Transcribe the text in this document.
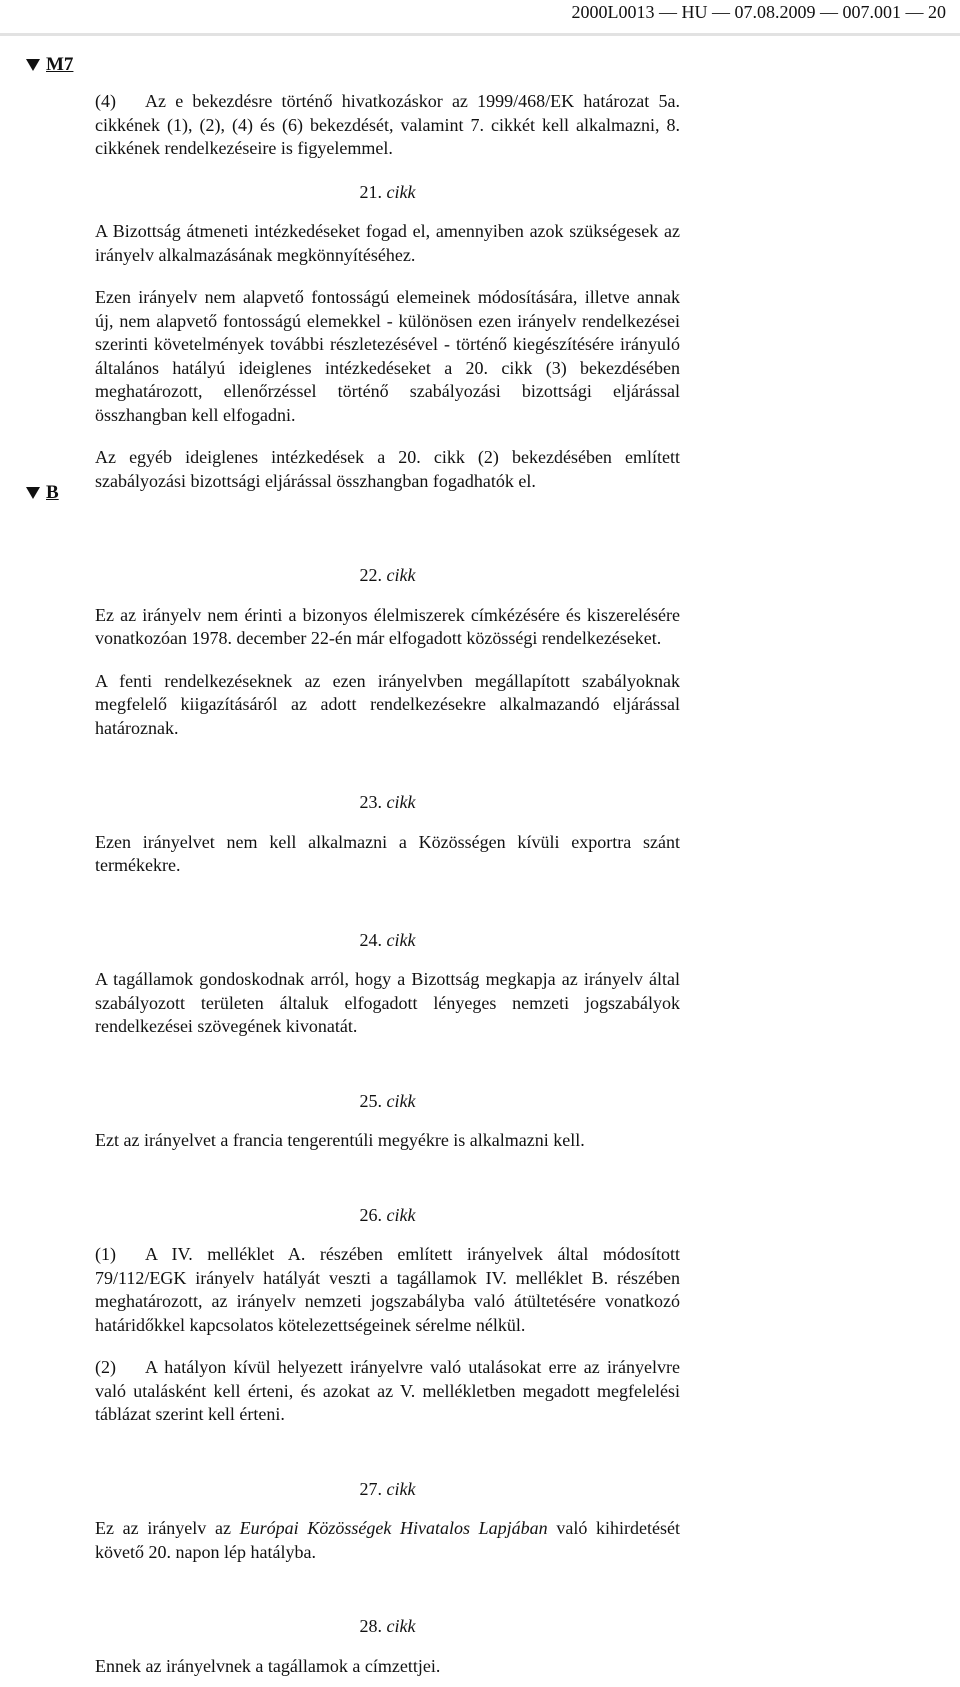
2000L0013 — HU — 07.08.2009 — 007.001 — 20
M7
B

(4) Az e bekezdésre történő hivatkozáskor az 1999/468/EK határozat 5a. cikkének (1), (2), (4) és (6) bekezdését, valamint 7. cikkét kell alkalmazni, 8. cikkének rendelkezéseire is figyelemmel.

21. cikk

A Bizottság átmeneti intézkedéseket fogad el, amennyiben azok szükségesek az irányelv alkalmazásának megkönnyítéséhez.

Ezen irányelv nem alapvető fontosságú elemeinek módosítására, illetve annak új, nem alapvető fontosságú elemekkel - különösen ezen irányelv rendelkezései szerinti követelmények további részletezésével - történő kiegészítésére irányuló általános hatályú ideiglenes intézkedéseket a 20. cikk (3) bekezdésében meghatározott, ellenőrzéssel történő szabályozási bizottsági eljárással összhangban kell elfogadni.

Az egyéb ideiglenes intézkedések a 20. cikk (2) bekezdésében említett szabályozási bizottsági eljárással összhangban fogadhatók el.

22. cikk

Ez az irányelv nem érinti a bizonyos élelmiszerek címkézésére és kiszerelésére vonatkozóan 1978. december 22-én már elfogadott közösségi rendelkezéseket.

A fenti rendelkezéseknek az ezen irányelvben megállapított szabályoknak megfelelő kiigazításáról az adott rendelkezésekre alkalmazandó eljárással határoznak.

23. cikk

Ezen irányelvet nem kell alkalmazni a Közösségen kívüli exportra szánt termékekre.

24. cikk

A tagállamok gondoskodnak arról, hogy a Bizottság megkapja az irányelv által szabályozott területen általuk elfogadott lényeges nemzeti jogszabályok rendelkezései szövegének kivonatát.

25. cikk

Ezt az irányelvet a francia tengerentúli megyékre is alkalmazni kell.

26. cikk

(1) A IV. melléklet A. részében említett irányelvek által módosított 79/112/EGK irányelv hatályát veszti a tagállamok IV. melléklet B. részében meghatározott, az irányelv nemzeti jogszabályba való átültetésére vonatkozó határidőkkel kapcsolatos kötelezettségeinek sérelme nélkül.

(2) A hatályon kívül helyezett irányelvre való utalásokat erre az irányelvre való utalásként kell érteni, és azokat az V. mellékletben megadott megfelelési táblázat szerint kell érteni.

27. cikk

Ez az irányelv az Európai Közösségek Hivatalos Lapjában való kihirdetését követő 20. napon lép hatályba.

28. cikk

Ennek az irányelvnek a tagállamok a címzettjei.
